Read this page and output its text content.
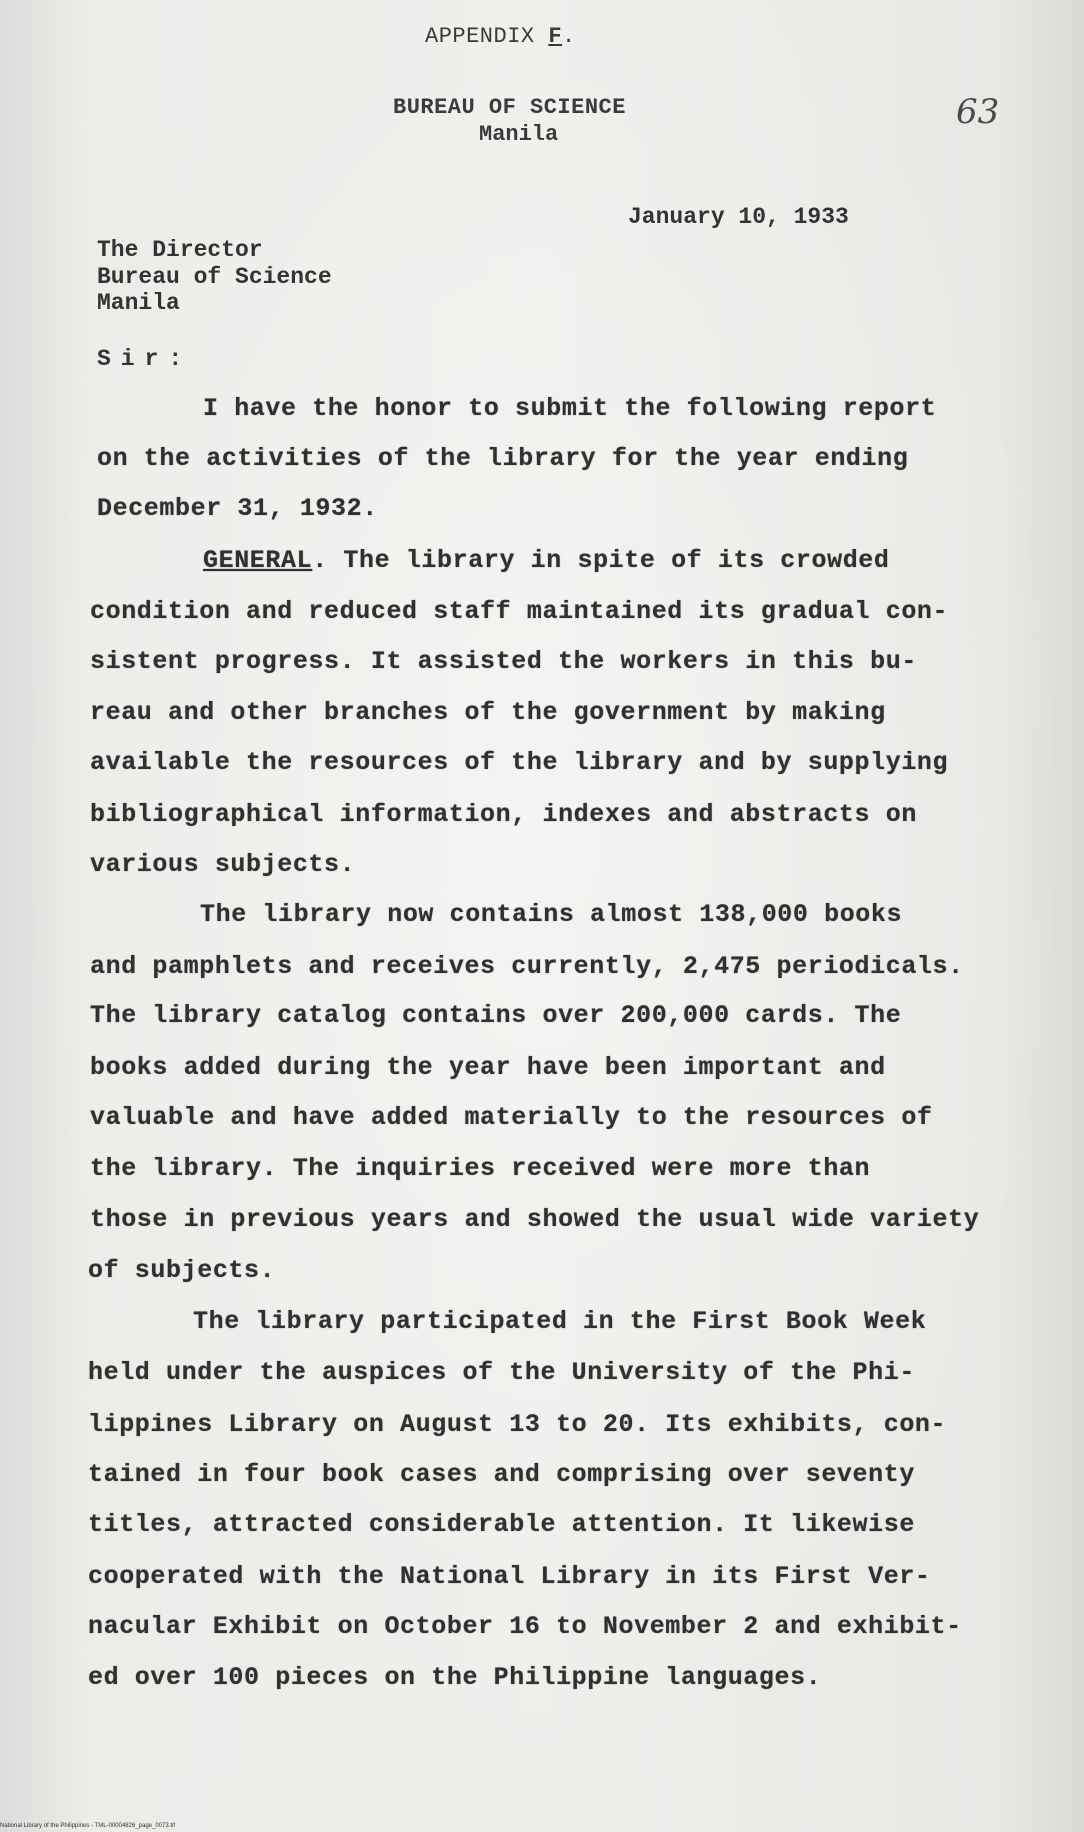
APPENDIX F.
BUREAU OF SCIENCE
Manila
63
January 10, 1933
The Director
Bureau of Science
Manila
Sir:
I have the honor to submit the following report
on the activities of the library for the year ending
December 31, 1932.
GENERAL. The library in spite of its crowded
condition and reduced staff maintained its gradual con-
sistent progress. It assisted the workers in this bu-
reau and other branches of the government by making
available the resources of the library and by supplying
bibliographical information, indexes and abstracts on
various subjects.
The library now contains almost 138,000 books
and pamphlets and receives currently, 2,475 periodicals.
The library catalog contains over 200,000 cards. The
books added during the year have been important and
valuable and have added materially to the resources of
the library. The inquiries received were more than
those in previous years and showed the usual wide variety
of subjects.
The library participated in the First Book Week
held under the auspices of the University of the Phi-
lippines Library on August 13 to 20. Its exhibits, con-
tained in four book cases and comprising over seventy
titles, attracted considerable attention. It likewise
cooperated with the National Library in its First Ver-
nacular Exhibit on October 16 to November 2 and exhibit-
ed over 100 pieces on the Philippine languages.
National Library of the Philippines - TML-00004826_page_0073.tif
